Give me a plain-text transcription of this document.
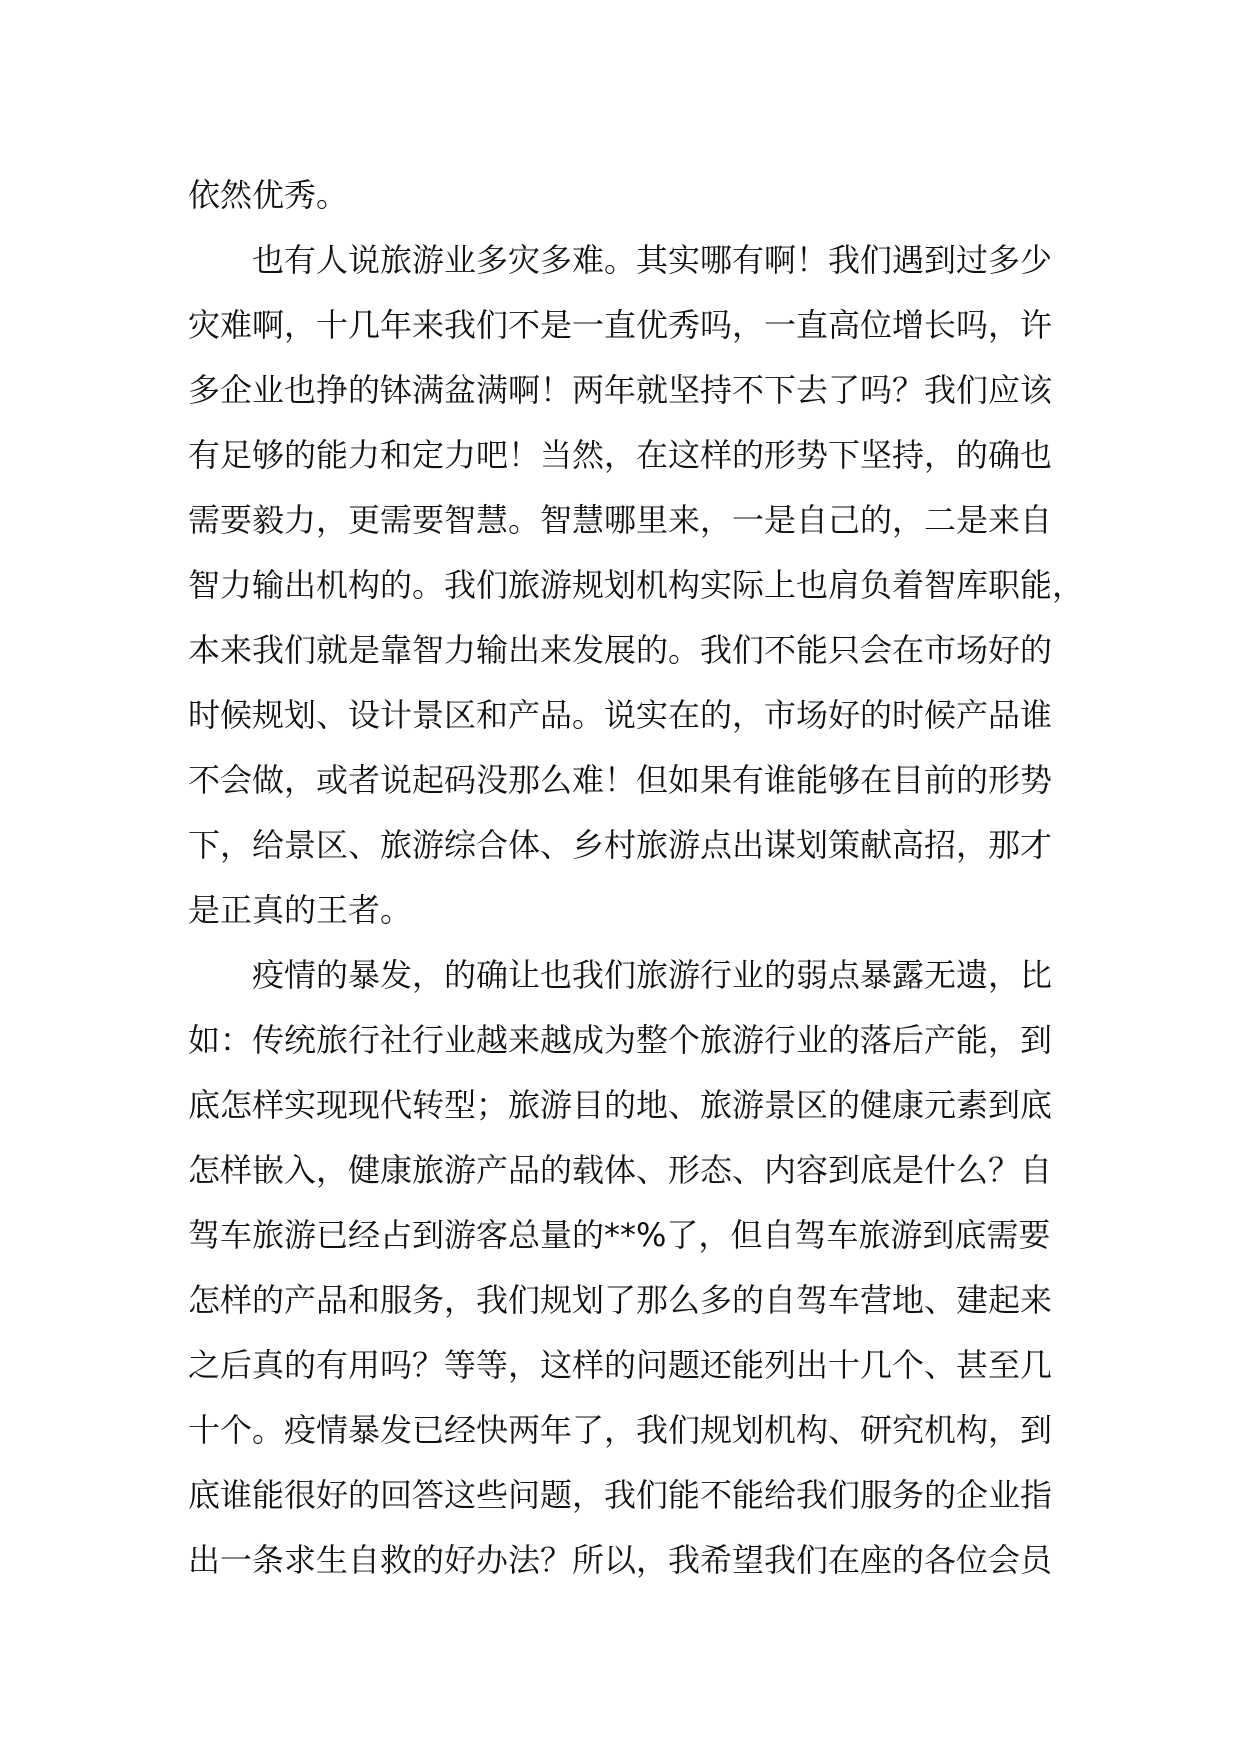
依然优秀。
也有人说旅游业多灾多难。其实哪有啊！我们遇到过多少
灾难啊，十几年来我们不是一直优秀吗，一直高位增长吗，许
多企业也挣的钵满盆满啊！两年就坚持不下去了吗？我们应该
有足够的能力和定力吧！当然，在这样的形势下坚持，的确也
需要毅力，更需要智慧。智慧哪里来，一是自己的，二是来自
智力输出机构的。我们旅游规划机构实际上也肩负着智库职能，
本来我们就是靠智力输出来发展的。我们不能只会在市场好的
时候规划、设计景区和产品。说实在的，市场好的时候产品谁
不会做，或者说起码没那么难！但如果有谁能够在目前的形势
下，给景区、旅游综合体、乡村旅游点出谋划策献高招，那才
是正真的王者。
疫情的暴发，的确让也我们旅游行业的弱点暴露无遗，比
如：传统旅行社行业越来越成为整个旅游行业的落后产能，到
底怎样实现现代转型；旅游目的地、旅游景区的健康元素到底
怎样嵌入，健康旅游产品的载体、形态、内容到底是什么？自
驾车旅游已经占到游客总量的**%了，但自驾车旅游到底需要
怎样的产品和服务，我们规划了那么多的自驾车营地、建起来
之后真的有用吗？等等，这样的问题还能列出十几个、甚至几
十个。疫情暴发已经快两年了，我们规划机构、研究机构，到
底谁能很好的回答这些问题，我们能不能给我们服务的企业指
出一条求生自救的好办法？所以，我希望我们在座的各位会员
